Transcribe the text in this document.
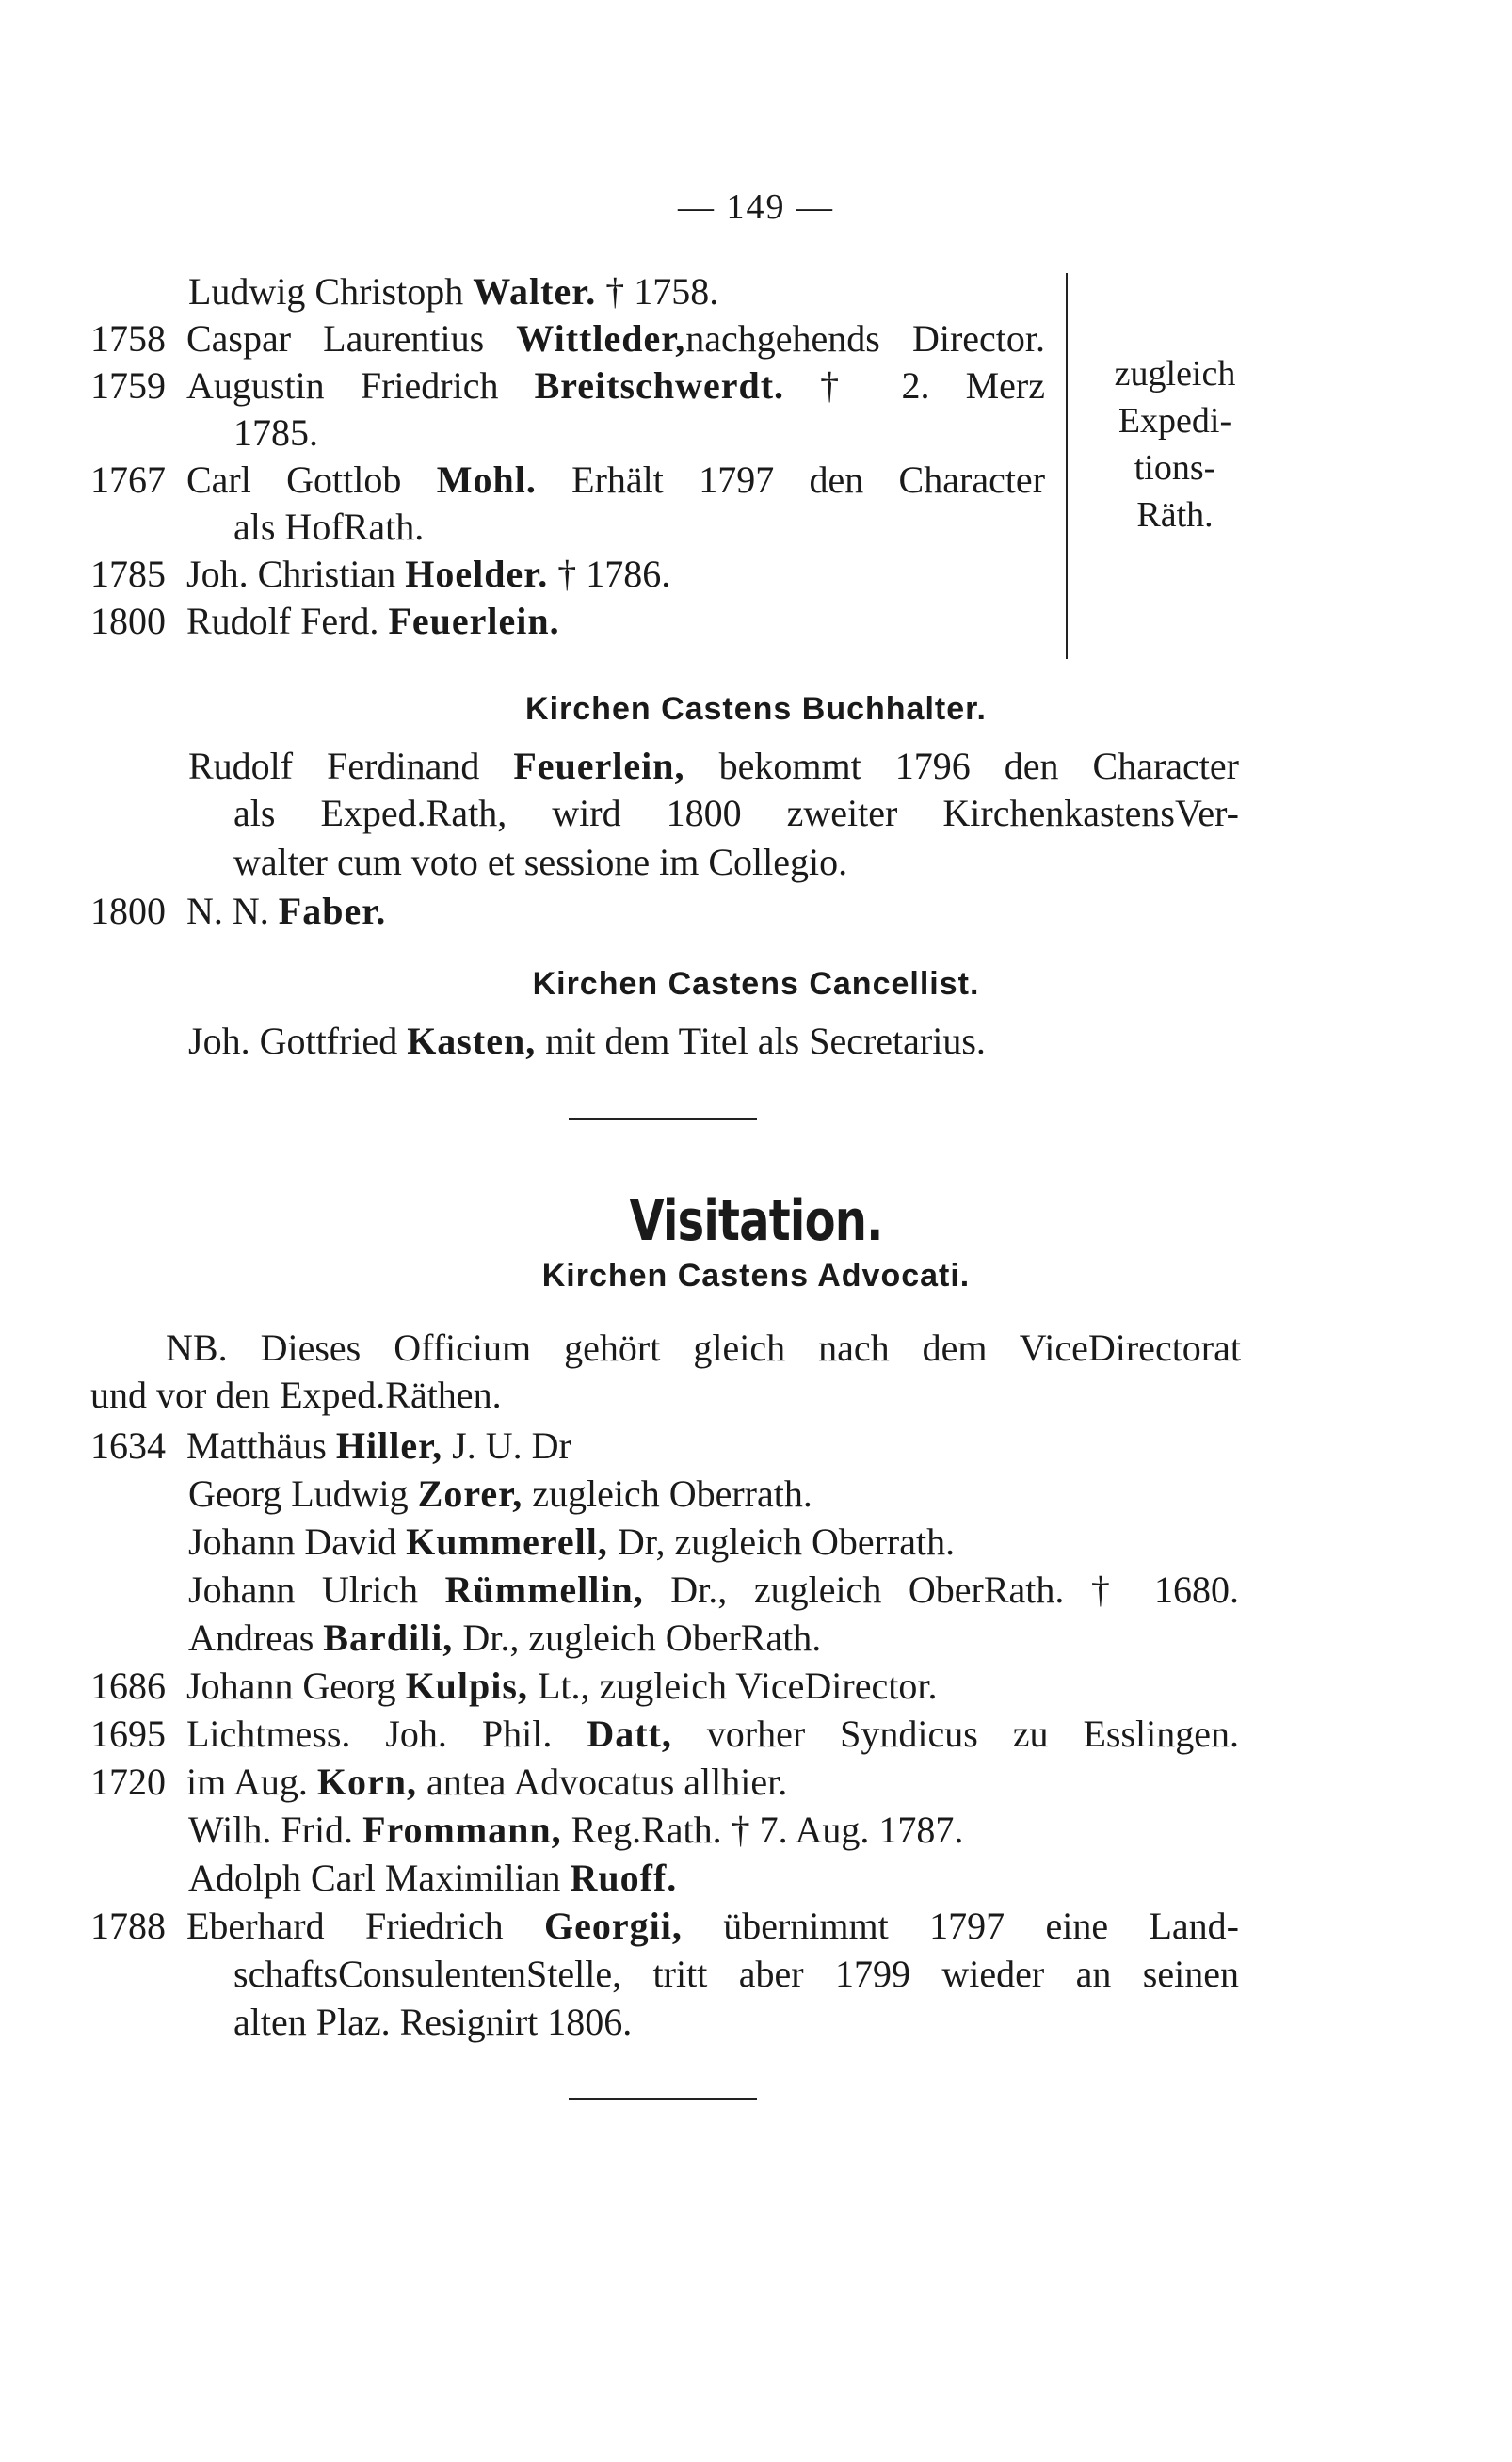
— 149 —
Ludwig Christoph Walter. † 1758.
1758 Caspar Laurentius Wittleder,nachgehends Director.
1759 Augustin Friedrich Breitschwerdt. † 2. Merz
1785.
1767 Carl Gottlob Mohl. Erhält 1797 den Character
als HofRath.
1785 Joh. Christian Hoelder. † 1786.
1800 Rudolf Ferd. Feuerlein.
zugleich
Expedi-
tions-
Räth.
Kirchen Castens Buchhalter.
Rudolf Ferdinand Feuerlein, bekommt 1796 den Character
als Exped.Rath, wird 1800 zweiter KirchenkastensVer-
walter cum voto et sessione im Collegio.
1800 N. N. Faber.
Kirchen Castens Cancellist.
Joh. Gottfried Kasten, mit dem Titel als Secretarius.
Visitation.
Kirchen Castens Advocati.
NB. Dieses Officium gehört gleich nach dem ViceDirectorat
und vor den Exped.Räthen.
1634 Matthäus Hiller, J. U. Dr
Georg Ludwig Zorer, zugleich Oberrath.
Johann David Kummerell, Dr, zugleich Oberrath.
Johann Ulrich Rümmellin, Dr., zugleich OberRath. † 1680.
Andreas Bardili, Dr., zugleich OberRath.
1686 Johann Georg Kulpis, Lt., zugleich ViceDirector.
1695 Lichtmess. Joh. Phil. Datt, vorher Syndicus zu Esslingen.
1720 im Aug. Korn, antea Advocatus allhier.
Wilh. Frid. Frommann, Reg.Rath. † 7. Aug. 1787.
Adolph Carl Maximilian Ruoff.
1788 Eberhard Friedrich Georgii, übernimmt 1797 eine Land-
schaftsConsulentenStelle, tritt aber 1799 wieder an seinen
alten Plaz. Resignirt 1806.
